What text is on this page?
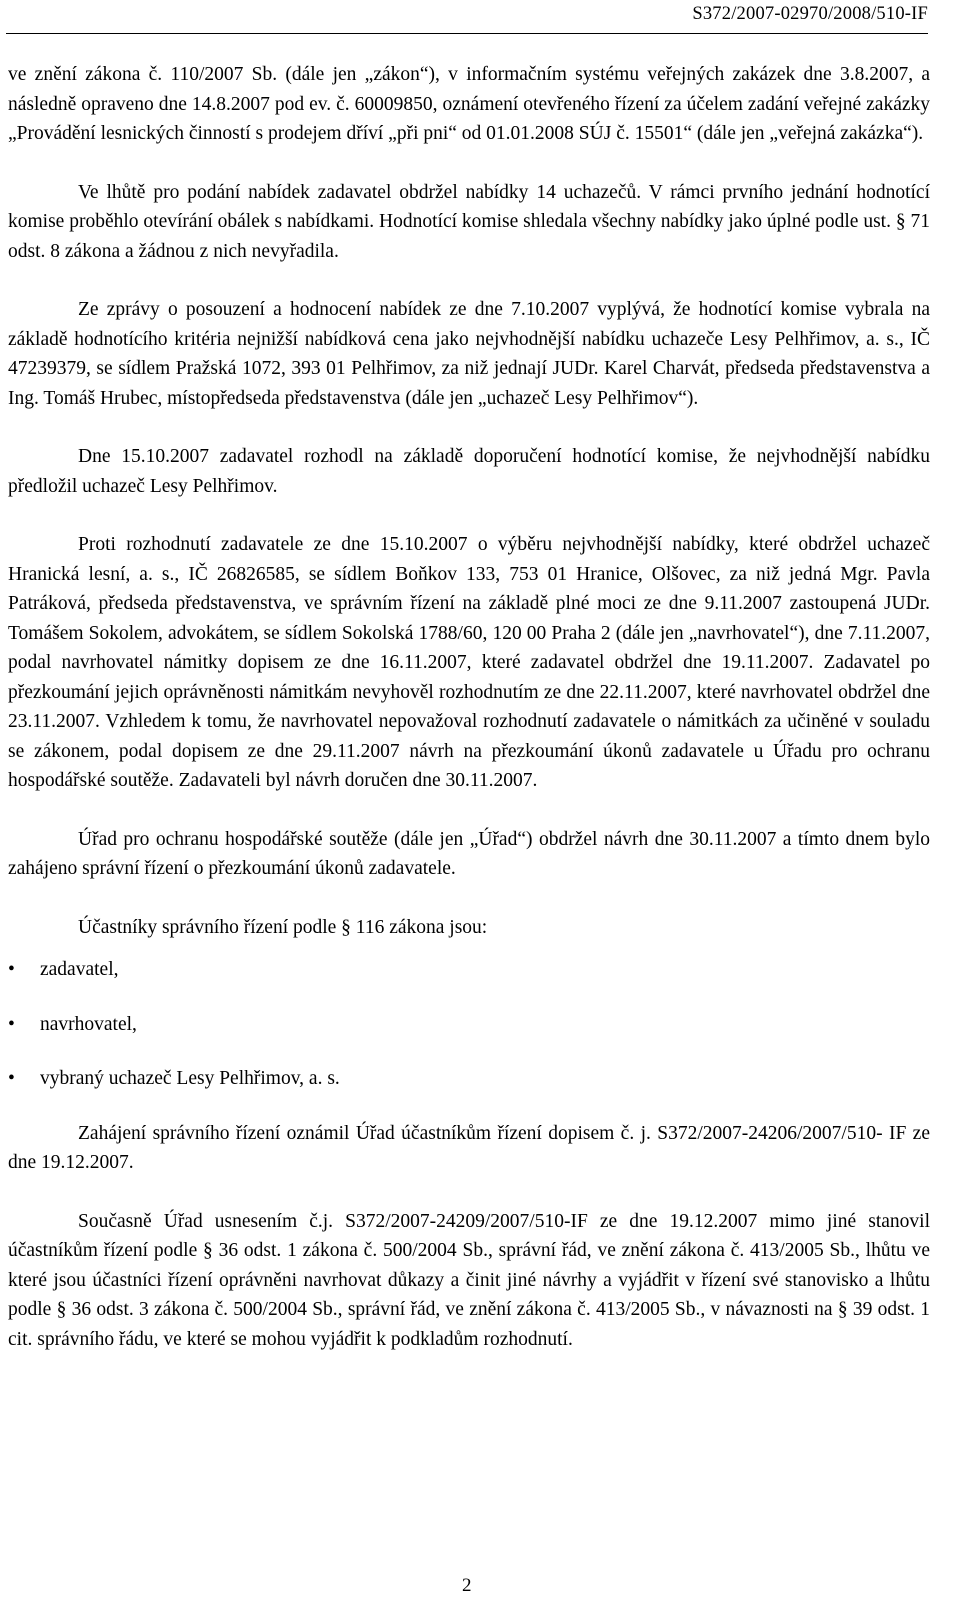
S372/2007-02970/2008/510-IF

ve znění zákona č. 110/2007 Sb. (dále jen „zákon“), v informačním systému veřejných zakázek dne 3.8.2007, a následně opraveno dne 14.8.2007 pod ev. č. 60009850, oznámení otevřeného řízení za účelem zadání veřejné zakázky „Provádění lesnických činností s prodejem dříví „při pni“ od 01.01.2008 SÚJ č. 15501“ (dále jen „veřejná zakázka“).

Ve lhůtě pro podání nabídek zadavatel obdržel nabídky 14 uchazečů. V rámci prvního jednání hodnotící komise proběhlo otevírání obálek s nabídkami. Hodnotící komise shledala všechny nabídky jako úplné podle ust. § 71 odst. 8 zákona a žádnou z nich nevyřadila.

Ze zprávy o posouzení a hodnocení nabídek ze dne 7.10.2007 vyplývá, že hodnotící komise vybrala na základě hodnotícího kritéria nejnižší nabídková cena jako nejvhodnější nabídku uchazeče Lesy Pelhřimov, a. s., IČ 47239379, se sídlem Pražská 1072, 393 01 Pelhřimov, za niž jednají JUDr. Karel Charvát, předseda představenstva a Ing. Tomáš Hrubec, místopředseda představenstva (dále jen „uchazeč Lesy Pelhřimov“).

Dne 15.10.2007 zadavatel rozhodl na základě doporučení hodnotící komise, že nejvhodnější nabídku předložil uchazeč Lesy Pelhřimov.

Proti rozhodnutí zadavatele ze dne 15.10.2007 o výběru nejvhodnější nabídky, které obdržel uchazeč Hranická lesní, a. s., IČ 26826585, se sídlem Boňkov 133, 753 01 Hranice, Olšovec, za niž jedná Mgr. Pavla Patráková, předseda představenstva, ve správním řízení na základě plné moci ze dne 9.11.2007 zastoupená JUDr. Tomášem Sokolem, advokátem, se sídlem Sokolská 1788/60, 120 00 Praha 2 (dále jen „navrhovatel“), dne 7.11.2007, podal navrhovatel námitky dopisem ze dne 16.11.2007, které zadavatel obdržel dne 19.11.2007. Zadavatel po přezkoumání jejich oprávněnosti námitkám nevyhověl rozhodnutím ze dne 22.11.2007, které navrhovatel obdržel dne 23.11.2007. Vzhledem k tomu, že navrhovatel nepovažoval rozhodnutí zadavatele o námitkách za učiněné v souladu se zákonem, podal dopisem ze dne 29.11.2007 návrh na přezkoumání úkonů zadavatele u Úřadu pro ochranu hospodářské soutěže. Zadavateli byl návrh doručen dne 30.11.2007.

Úřad pro ochranu hospodářské soutěže (dále jen „Úřad“) obdržel návrh dne 30.11.2007 a tímto dnem bylo zahájeno správní řízení o přezkoumání úkonů zadavatele.

Účastníky správního řízení podle § 116 zákona jsou:

• zadavatel,
• navrhovatel,
• vybraný uchazeč Lesy Pelhřimov, a. s.

Zahájení správního řízení oznámil Úřad účastníkům řízení dopisem č. j. S372/2007-24206/2007/510- IF ze dne 19.12.2007.

Současně Úřad usnesením č.j. S372/2007-24209/2007/510-IF ze dne 19.12.2007 mimo jiné stanovil účastníkům řízení podle § 36 odst. 1 zákona č. 500/2004 Sb., správní řád, ve znění zákona č. 413/2005 Sb., lhůtu ve které jsou účastníci řízení oprávněni navrhovat důkazy a činit jiné návrhy a vyjádřit v řízení své stanovisko a lhůtu podle § 36 odst. 3 zákona č. 500/2004 Sb., správní řád, ve znění zákona č. 413/2005 Sb., v návaznosti na § 39 odst. 1 cit. správního řádu, ve které se mohou vyjádřit k podkladům rozhodnutí.

2
